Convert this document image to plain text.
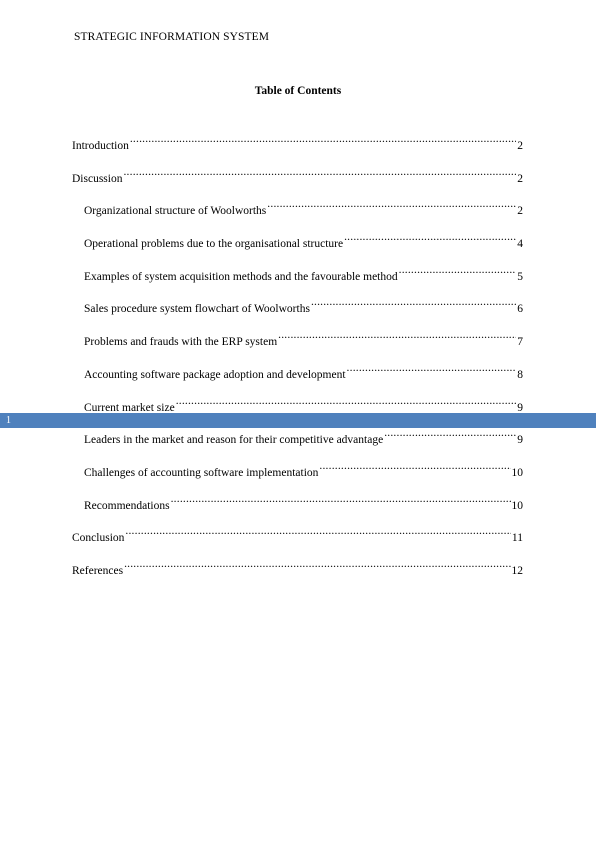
STRATEGIC INFORMATION SYSTEM
Table of Contents
Introduction .....	2
Discussion .....	2
Organizational structure of Woolworths .....	2
Operational problems due to the organisational structure .....	4
Examples of system acquisition methods and the favourable method .....	5
Sales procedure system flowchart of Woolworths .....	6
Problems and frauds with the ERP system .....	7
Accounting software package adoption and development .....	8
Current market size .....	9
Leaders in the market and reason for their competitive advantage .....	9
Challenges of accounting software implementation .....	10
Recommendations .....	10
Conclusion .....	11
References .....	12
1
